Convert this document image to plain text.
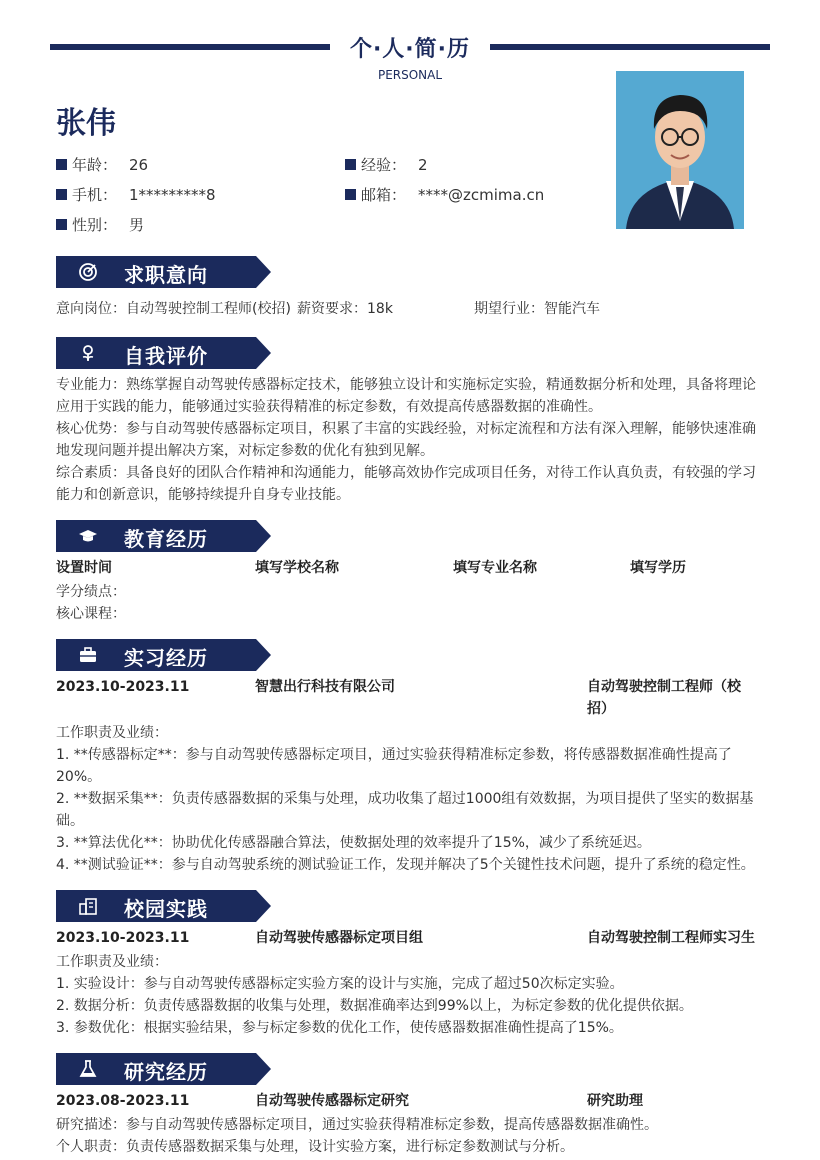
个·人·简·历
PERSONAL
张伟
年龄： 26	经验： 2
手机： 1*********8	邮箱： ****@zcmima.cn
性别： 男
求职意向
意向岗位：自动驾驶控制工程师(校招) 薪资要求：18k	期望行业：智能汽车
自我评价
专业能力：熟练掌握自动驾驶传感器标定技术，能够独立设计和实施标定实验，精通数据分析和处理，具备将理论应用于实践的能力，能够通过实验获得精准的标定参数，有效提高传感器数据的准确性。
核心优势：参与自动驾驶传感器标定项目，积累了丰富的实践经验，对标定流程和方法有深入理解，能够快速准确地发现问题并提出解决方案，对标定参数的优化有独到见解。
综合素质：具备良好的团队合作精神和沟通能力，能够高效协作完成项目任务，对待工作认真负责，有较强的学习能力和创新意识，能够持续提升自身专业技能。
教育经历
设置时间	填写学校名称	填写专业名称	填写学历
学分绩点：
核心课程：
实习经历
2023.10-2023.11	智慧出行科技有限公司	自动驾驶控制工程师（校招）
工作职责及业绩：
1. **传感器标定**：参与自动驾驶传感器标定项目，通过实验获得精准标定参数，将传感器数据准确性提高了20%。
2. **数据采集**：负责传感器数据的采集与处理，成功收集了超过1000组有效数据，为项目提供了坚实的数据基础。
3. **算法优化**：协助优化传感器融合算法，使数据处理的效率提升了15%，减少了系统延迟。
4. **测试验证**：参与自动驾驶系统的测试验证工作，发现并解决了5个关键性技术问题，提升了系统的稳定性。
校园实践
2023.10-2023.11	自动驾驶传感器标定项目组	自动驾驶控制工程师实习生
工作职责及业绩：
1. 实验设计：参与自动驾驶传感器标定实验方案的设计与实施，完成了超过50次标定实验。
2. 数据分析：负责传感器数据的收集与处理，数据准确率达到99%以上，为标定参数的优化提供依据。
3. 参数优化：根据实验结果，参与标定参数的优化工作，使传感器数据准确性提高了15%。
研究经历
2023.08-2023.11	自动驾驶传感器标定研究	研究助理
研究描述：参与自动驾驶传感器标定项目，通过实验获得精准标定参数，提高传感器数据准确性。
个人职责：负责传感器数据采集与处理，设计实验方案，进行标定参数测试与分析。
